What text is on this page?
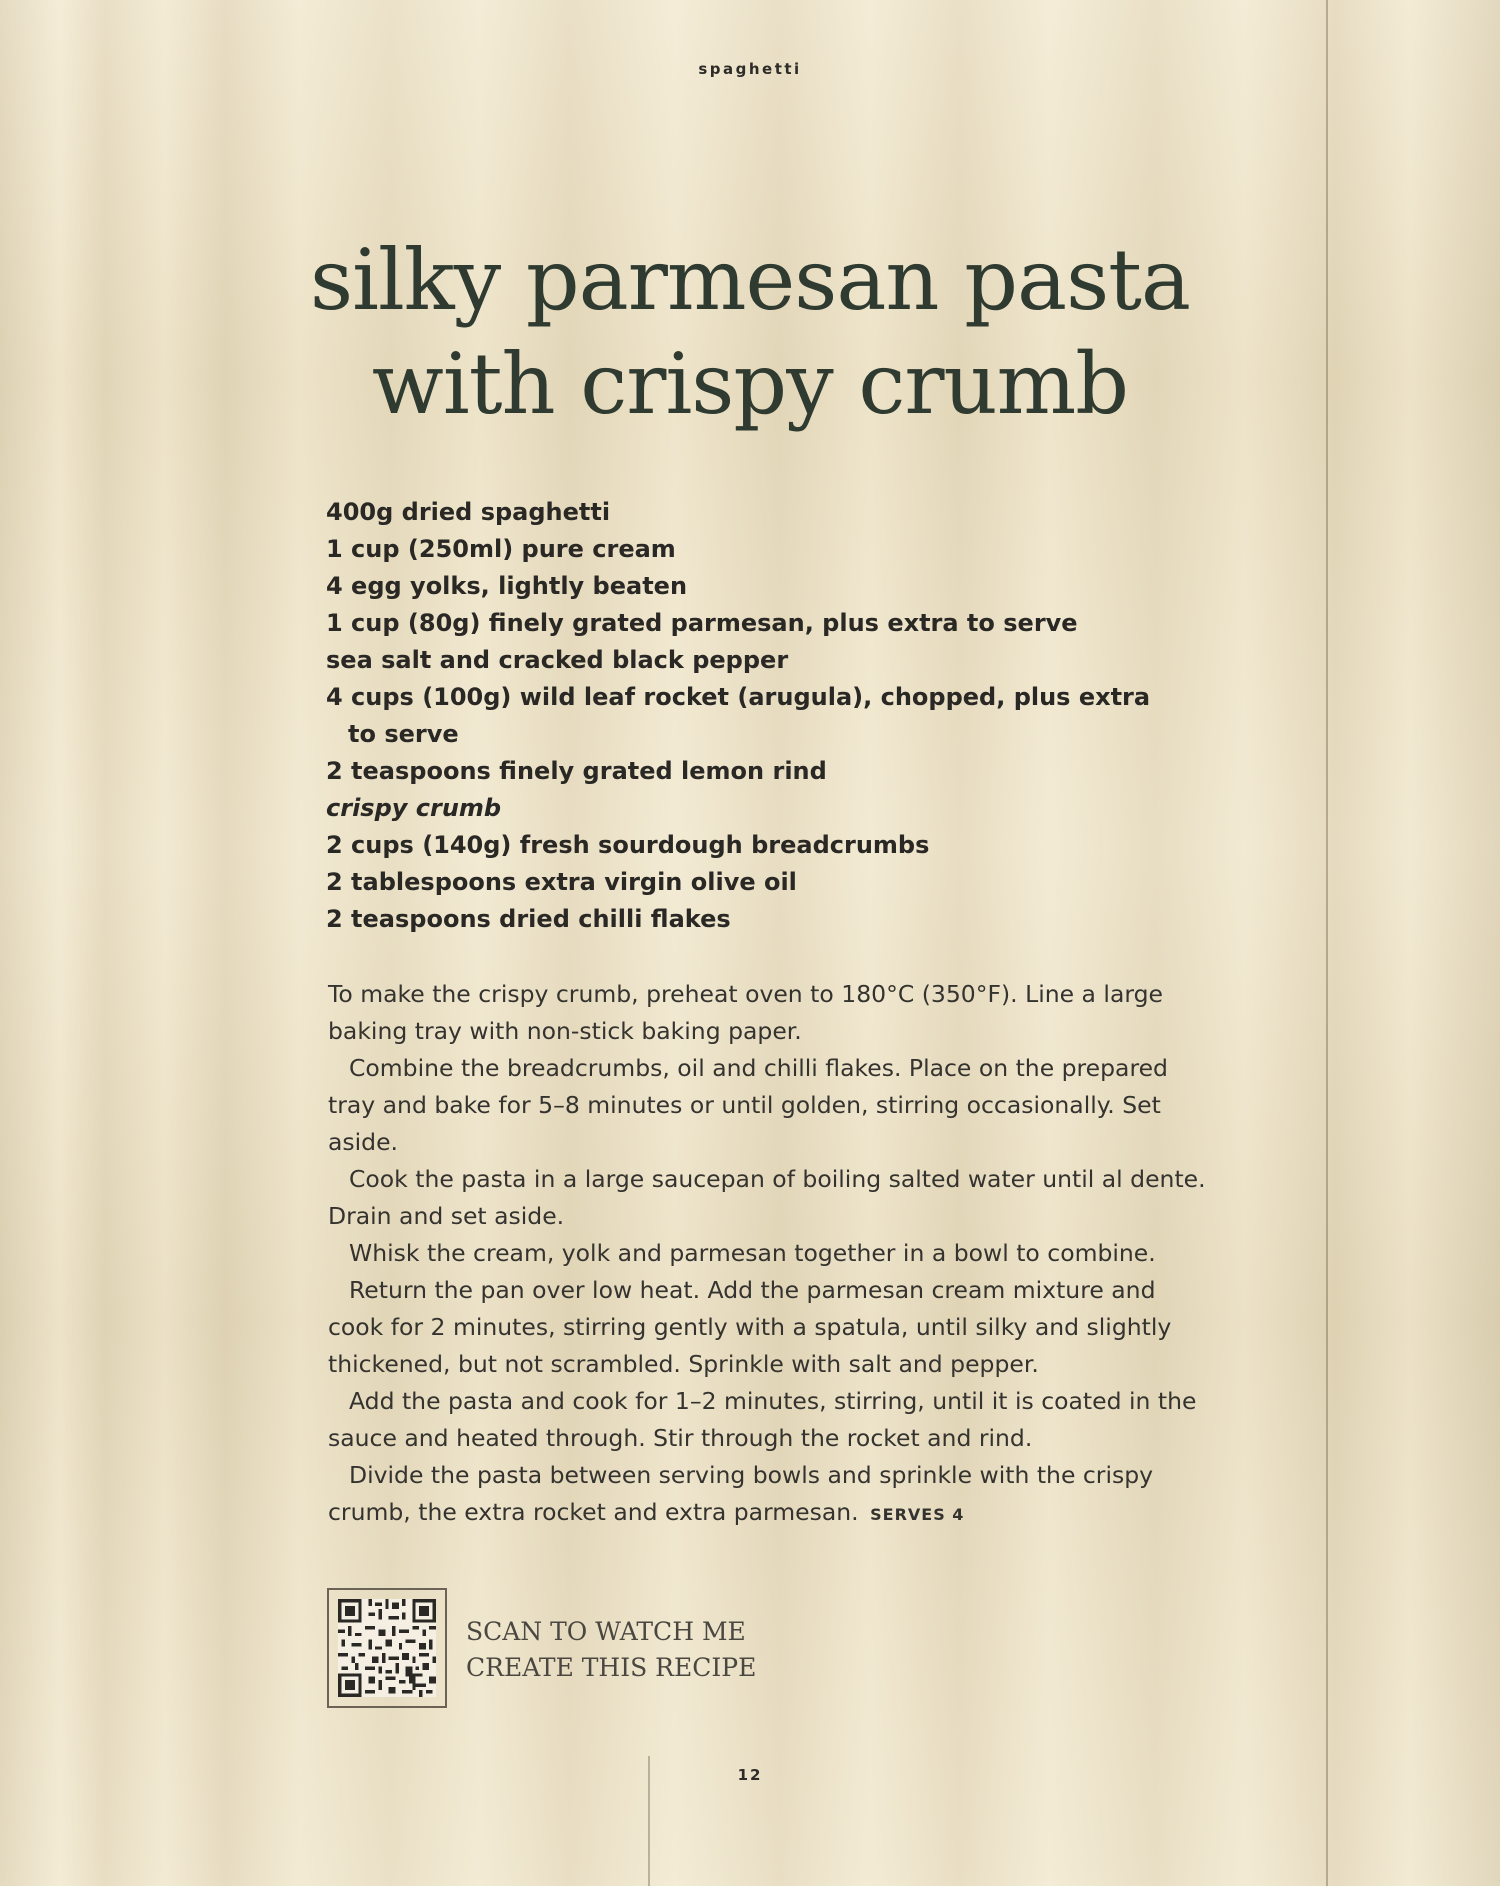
spaghetti
silky parmesan pasta
with crispy crumb
400g dried spaghetti
1 cup (250ml) pure cream
4 egg yolks, lightly beaten
1 cup (80g) finely grated parmesan, plus extra to serve
sea salt and cracked black pepper
4 cups (100g) wild leaf rocket (arugula), chopped, plus extra
to serve
2 teaspoons finely grated lemon rind
crispy crumb
2 cups (140g) fresh sourdough breadcrumbs
2 tablespoons extra virgin olive oil
2 teaspoons dried chilli flakes

To make the crispy crumb, preheat oven to 180°C (350°F). Line a large baking tray with non-stick baking paper.

Combine the breadcrumbs, oil and chilli flakes. Place on the prepared tray and bake for 5–8 minutes or until golden, stirring occasionally. Set aside.

Cook the pasta in a large saucepan of boiling salted water until al dente. Drain and set aside.

Whisk the cream, yolk and parmesan together in a bowl to combine.

Return the pan over low heat. Add the parmesan cream mixture and cook for 2 minutes, stirring gently with a spatula, until silky and slightly thickened, but not scrambled. Sprinkle with salt and pepper.

Add the pasta and cook for 1–2 minutes, stirring, until it is coated in the sauce and heated through. Stir through the rocket and rind.

Divide the pasta between serving bowls and sprinkle with the crispy crumb, the extra rocket and extra parmesan. SERVES 4

SCAN TO WATCH ME
CREATE THIS RECIPE
12
